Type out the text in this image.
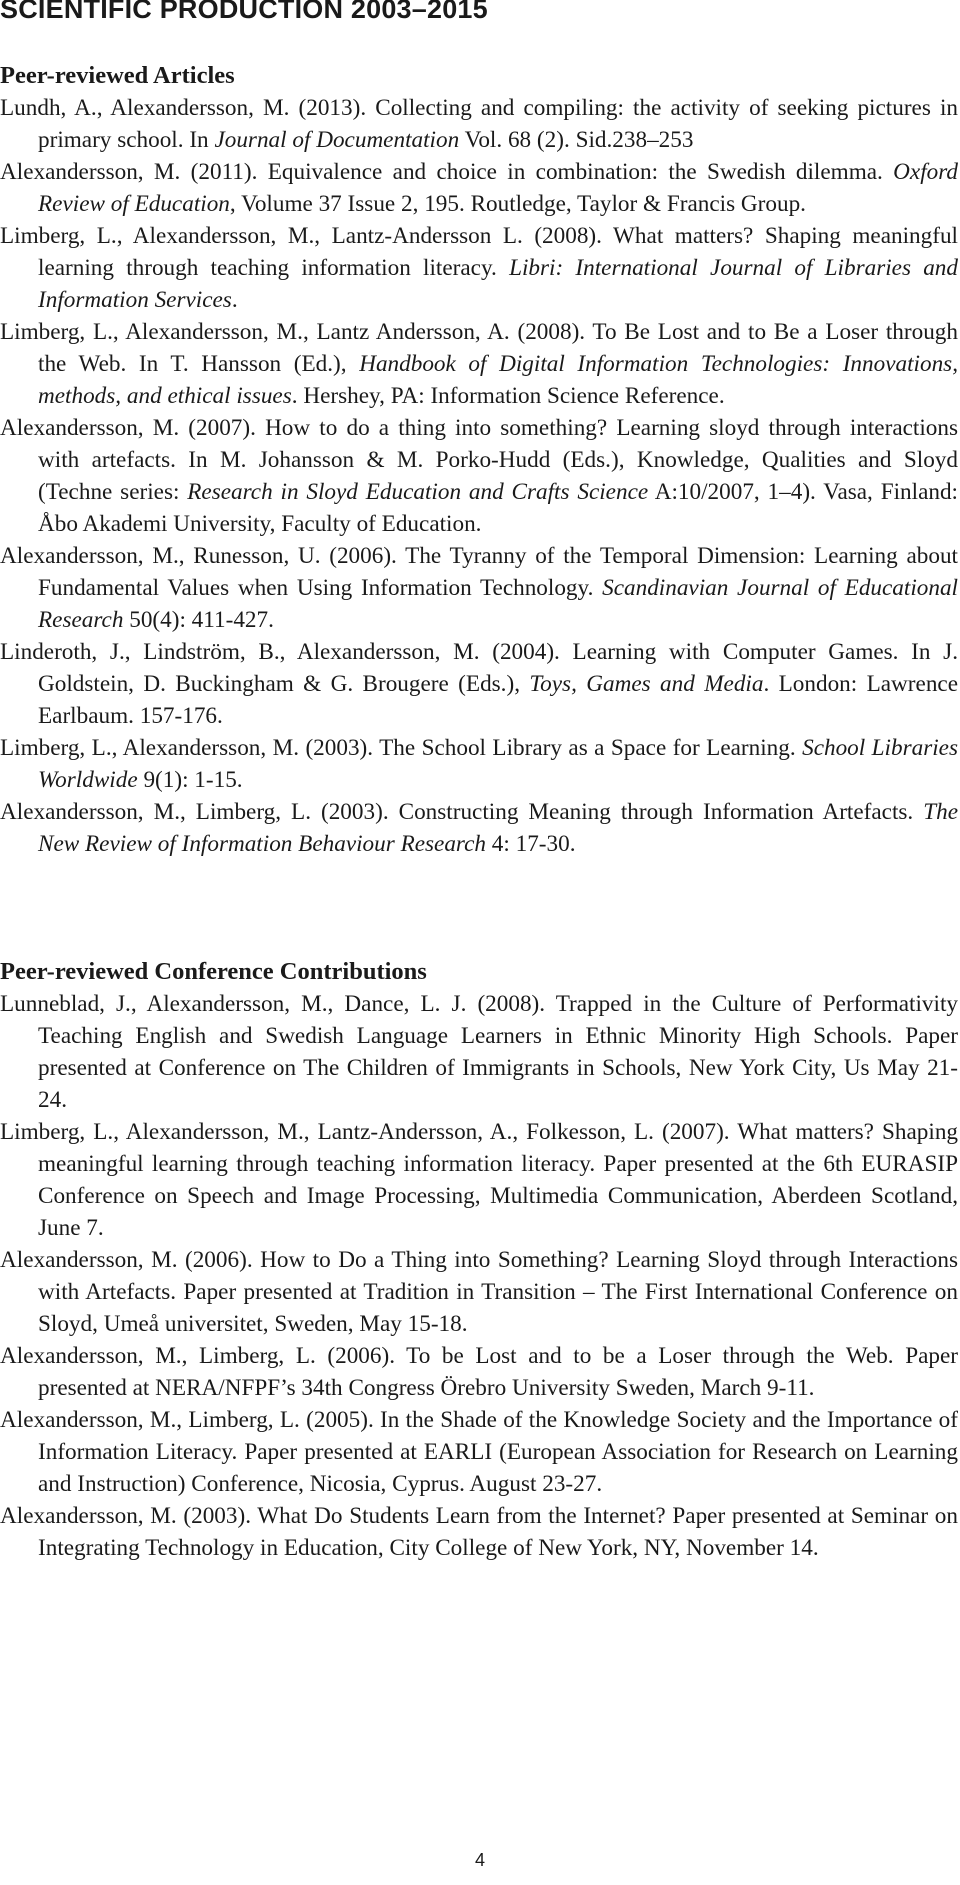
SCIENTIFIC PRODUCTION 2003–2015
Peer-reviewed Articles
Lundh, A., Alexandersson, M. (2013). Collecting and compiling: the activity of seeking pictures in primary school. In Journal of Documentation Vol. 68 (2). Sid.238–253
Alexandersson, M. (2011). Equivalence and choice in combination: the Swedish dilemma. Oxford Review of Education, Volume 37 Issue 2, 195. Routledge, Taylor & Francis Group.
Limberg, L., Alexandersson, M., Lantz-Andersson L. (2008). What matters? Shaping meaningful learning through teaching information literacy. Libri: International Journal of Libraries and Information Services.
Limberg, L., Alexandersson, M., Lantz Andersson, A. (2008). To Be Lost and to Be a Loser through the Web. In T. Hansson (Ed.), Handbook of Digital Information Technologies: Innovations, methods, and ethical issues. Hershey, PA: Information Science Reference.
Alexandersson, M. (2007). How to do a thing into something? Learning sloyd through interactions with artefacts. In M. Johansson & M. Porko-Hudd (Eds.), Knowledge, Qualities and Sloyd (Techne series: Research in Sloyd Education and Crafts Science A:10/2007, 1–4). Vasa, Finland: Åbo Akademi University, Faculty of Education.
Alexandersson, M., Runesson, U. (2006). The Tyranny of the Temporal Dimension: Learning about Fundamental Values when Using Information Technology. Scandinavian Journal of Educational Research 50(4): 411-427.
Linderoth, J., Lindström, B., Alexandersson, M. (2004). Learning with Computer Games. In J. Goldstein, D. Buckingham & G. Brougere (Eds.), Toys, Games and Media. London: Lawrence Earlbaum. 157-176.
Limberg, L., Alexandersson, M. (2003). The School Library as a Space for Learning. School Libraries Worldwide 9(1): 1-15.
Alexandersson, M., Limberg, L. (2003). Constructing Meaning through Information Artefacts. The New Review of Information Behaviour Research 4: 17-30.
Peer-reviewed Conference Contributions
Lunneblad, J., Alexandersson, M., Dance, L. J. (2008). Trapped in the Culture of Performativity Teaching English and Swedish Language Learners in Ethnic Minority High Schools. Paper presented at Conference on The Children of Immigrants in Schools, New York City, Us May 21-24.
Limberg, L., Alexandersson, M., Lantz-Andersson, A., Folkesson, L. (2007). What matters? Shaping meaningful learning through teaching information literacy. Paper presented at the 6th EURASIP Conference on Speech and Image Processing, Multimedia Communication, Aberdeen Scotland, June 7.
Alexandersson, M. (2006). How to Do a Thing into Something? Learning Sloyd through Interactions with Artefacts. Paper presented at Tradition in Transition – The First International Conference on Sloyd, Umeå universitet, Sweden, May 15-18.
Alexandersson, M., Limberg, L. (2006). To be Lost and to be a Loser through the Web. Paper presented at NERA/NFPF’s 34th Congress Örebro University Sweden, March 9-11.
Alexandersson, M., Limberg, L. (2005). In the Shade of the Knowledge Society and the Importance of Information Literacy. Paper presented at EARLI (European Association for Research on Learning and Instruction) Conference, Nicosia, Cyprus. August 23-27.
Alexandersson, M. (2003). What Do Students Learn from the Internet? Paper presented at Seminar on Integrating Technology in Education, City College of New York, NY, November 14.
4
